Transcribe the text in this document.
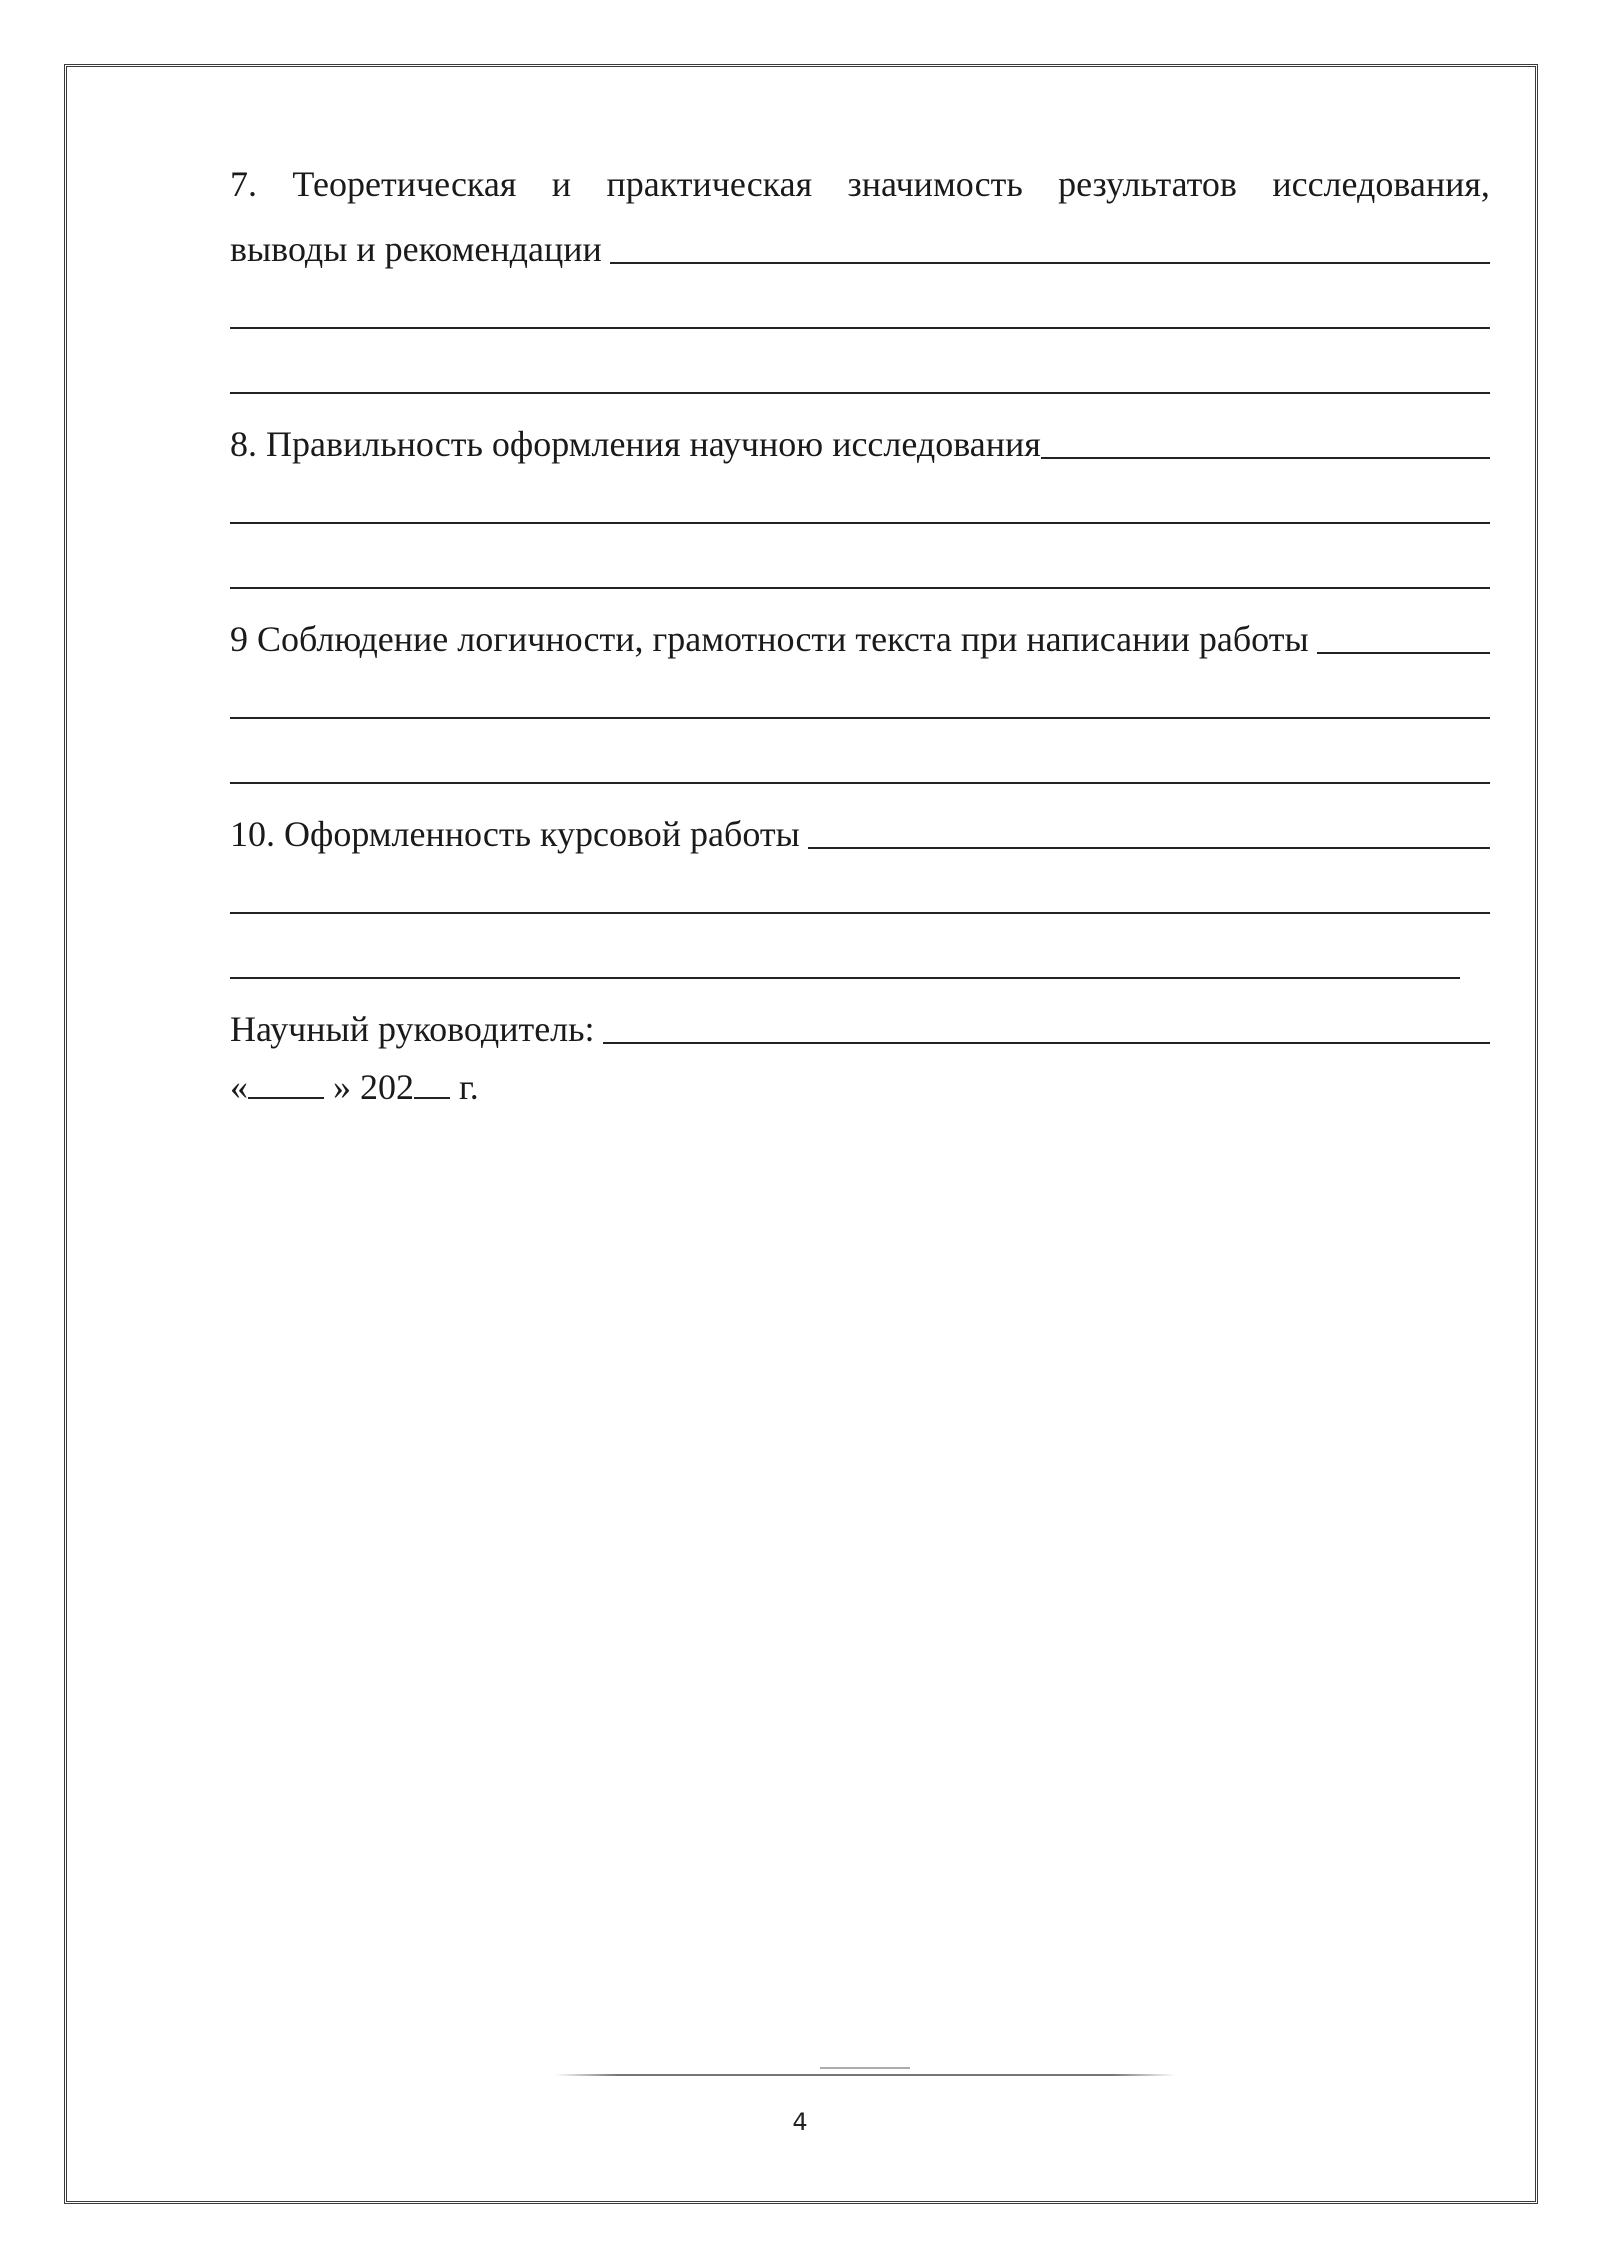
7. Теоретическая и практическая значимость результатов исследования,
выводы и рекомендации
8. Правильность оформления научною исследования
9 Соблюдение логичности, грамотности текста при написании работы
10. Оформленность курсовой работы
Научный руководитель:
« » 202 г.
4
